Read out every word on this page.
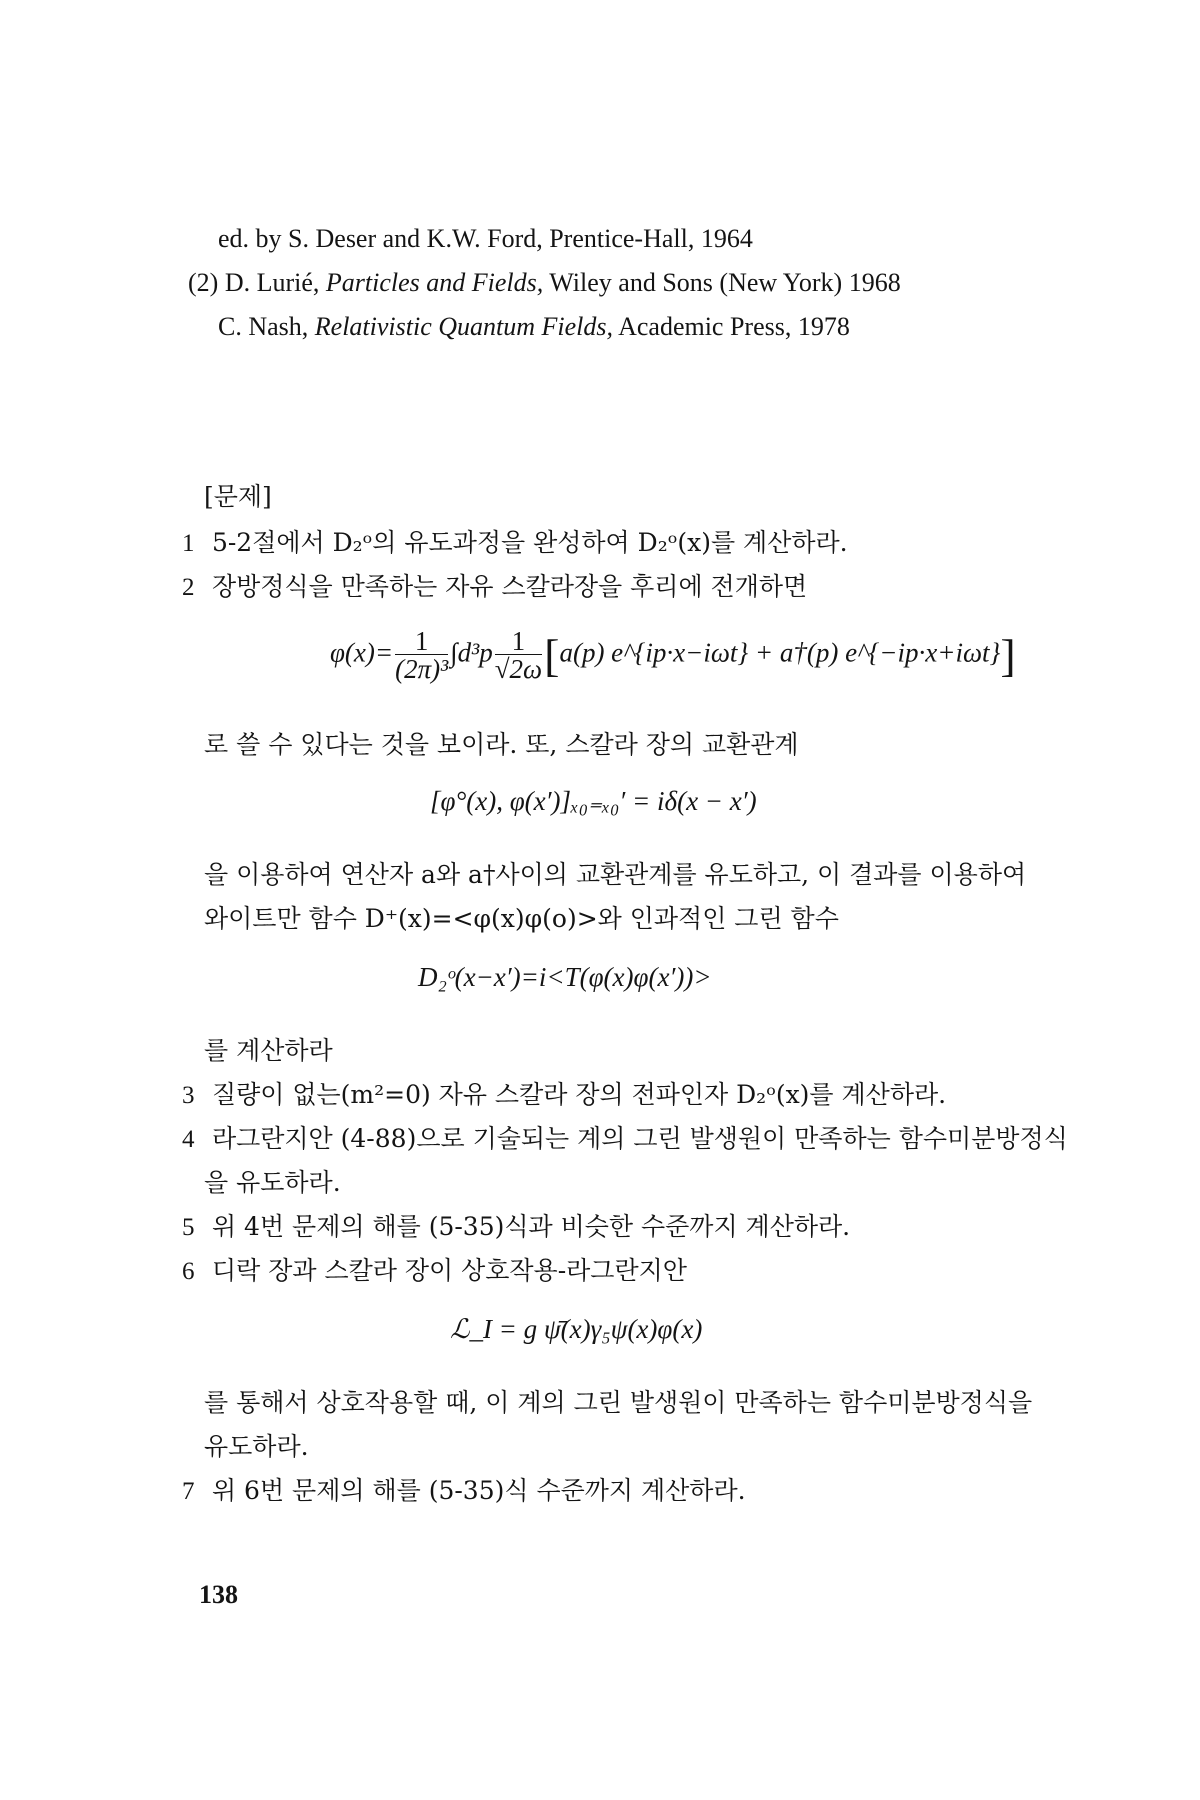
ed. by S. Deser and K.W. Ford, Prentice-Hall, 1964
(2) D. Lurié, Particles and Fields, Wiley and Sons (New York) 1968
C. Nash, Relativistic Quantum Fields, Academic Press, 1978
[문제]
1 5-2절에서 D₂ᵒ의 유도과정을 완성하여 D₂ᵒ(x)를 계산하라.
2 장방정식을 만족하는 자유 스칼라장을 후리에 전개하면
$\varphi(x)= \frac{1}{\text{(2π)³}} \int d^3p \frac{1}{√2\omega} [a(p)$ e^{ip·x−iωt} + a†(p) e^{−ip·x+iωt}]
로 쓸 수 있다는 것을 보이라. 또, 스칼라 장의 교환관계
[φ°(x), φ(x′)]ₓ₀₌ₓ₀′ = iδ(x − x′)
을 이용하여 연산자 a와 a†사이의 교환관계를 유도하고, 이 결과를 이용하여
와이트만 함수 D⁺(x)=<φ(x)φ(o)>와 인과적인 그린 함수
D₂ᵒ(x−x′)=i<T(φ(x)φ(x′))>
를 계산하라
3 질량이 없는(m²=0) 자유 스칼라 장의 전파인자 D₂ᵒ(x)를 계산하라.
4 라그란지안 (4-88)으로 기술되는 계의 그린 발생원이 만족하는 함수미분방정식
을 유도하라.
5 위 4번 문제의 해를 (5-35)식과 비슷한 수준까지 계산하라.
6 디락 장과 스칼라 장이 상호작용-라그란지안
ℒ_I = g ψ̄(x)γ₅ψ(x)φ(x)
를 통해서 상호작용할 때, 이 계의 그린 발생원이 만족하는 함수미분방정식을
유도하라.
7 위 6번 문제의 해를 (5-35)식 수준까지 계산하라.
138
